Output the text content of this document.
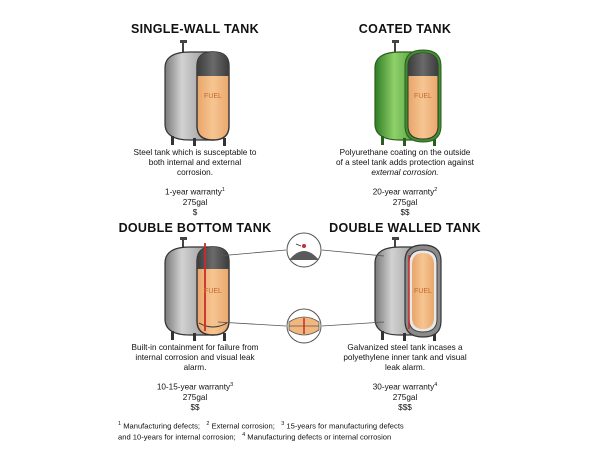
SINGLE-WALL TANK
FUEL

Steel tank which is susceptable to
both internal and external
corrosion.

1-year warranty$^1$
275gal
$
COATED TANK
FUEL

Polyurethane coating on the outside
of a steel tank adds protection against
external corrosion.

20-year warranty$^2$
275gal
$$
DOUBLE BOTTOM TANK
FUEL

Built-in containment for failure from
internal corrosion and visual leak
alarm.

10-15-year warranty$^3$
275gal
$$
DOUBLE WALLED TANK
FUEL

Galvanized steel tank incases a
polyethylene inner tank and visual
leak alarm.

30-year warranty$^4$
275gal
$$$
$^1$ Manufacturing defects; $^2$ External corrosion; $^3$ 15-years for manufacturing defects
and 10-years for internal corrosion; $^4$ Manufacturing defects or internal corrosion
